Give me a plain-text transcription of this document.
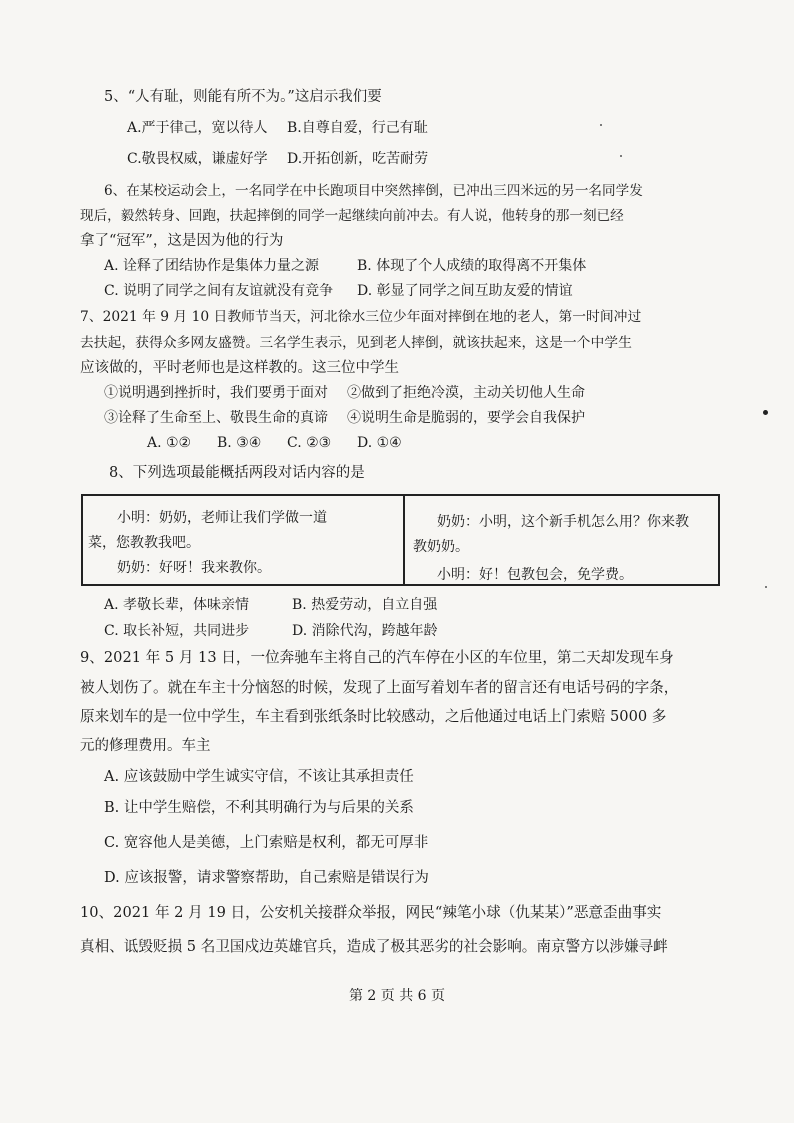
5、“人有耻，则能有所不为。”这启示我们要
A.严于律己，宽以待人 B.自尊自爱，行己有耻
C.敬畏权威，谦虚好学 D.开拓创新，吃苦耐劳
6、在某校运动会上，一名同学在中长跑项目中突然摔倒，已冲出三四米远的另一名同学发
现后，毅然转身、回跑，扶起摔倒的同学一起继续向前冲去。有人说，他转身的那一刻已经
拿了“冠军”，这是因为他的行为
A. 诠释了团结协作是集体力量之源	B. 体现了个人成绩的取得离不开集体
C. 说明了同学之间有友谊就没有竞争 D. 彰显了同学之间互助友爱的情谊
7、2021 年 9 月 10 日教师节当天，河北徐水三位少年面对摔倒在地的老人，第一时间冲过
去扶起，获得众多网友盛赞。三名学生表示，见到老人摔倒，就该扶起来，这是一个中学生
应该做的，平时老师也是这样教的。这三位中学生
①说明遇到挫折时，我们要勇于面对 ②做到了拒绝冷漠，主动关切他人生命
③诠释了生命至上、敬畏生命的真谛 ④说明生命是脆弱的，要学会自我保护
A. ①② B. ③④ C. ②③ D. ①④
8、下列选项最能概括两段对话内容的是
小明：奶奶，老师让我们学做一道
菜，您教教我吧。
奶奶：好呀！我来教你。
奶奶：小明，这个新手机怎么用？你来教
教奶奶。
小明：好！包教包会，免学费。
A. 孝敬长辈，体味亲情	B. 热爱劳动，自立自强
C. 取长补短，共同进步	D. 消除代沟，跨越年龄
9、2021 年 5 月 13 日，一位奔驰车主将自己的汽车停在小区的车位里，第二天却发现车身
被人划伤了。就在车主十分恼怒的时候，发现了上面写着划车者的留言还有电话号码的字条，
原来划车的是一位中学生，车主看到张纸条时比较感动，之后他通过电话上门索赔 5000 多
元的修理费用。车主
A. 应该鼓励中学生诚实守信，不该让其承担责任
B. 让中学生赔偿，不利其明确行为与后果的关系
C. 宽容他人是美德，上门索赔是权利，都无可厚非
D. 应该报警，请求警察帮助，自己索赔是错误行为
10、2021 年 2 月 19 日，公安机关接群众举报，网民“辣笔小球（仇某某）”恶意歪曲事实
真相、诋毁贬损 5 名卫国戍边英雄官兵，造成了极其恶劣的社会影响。南京警方以涉嫌寻衅
第 2 页 共 6 页
